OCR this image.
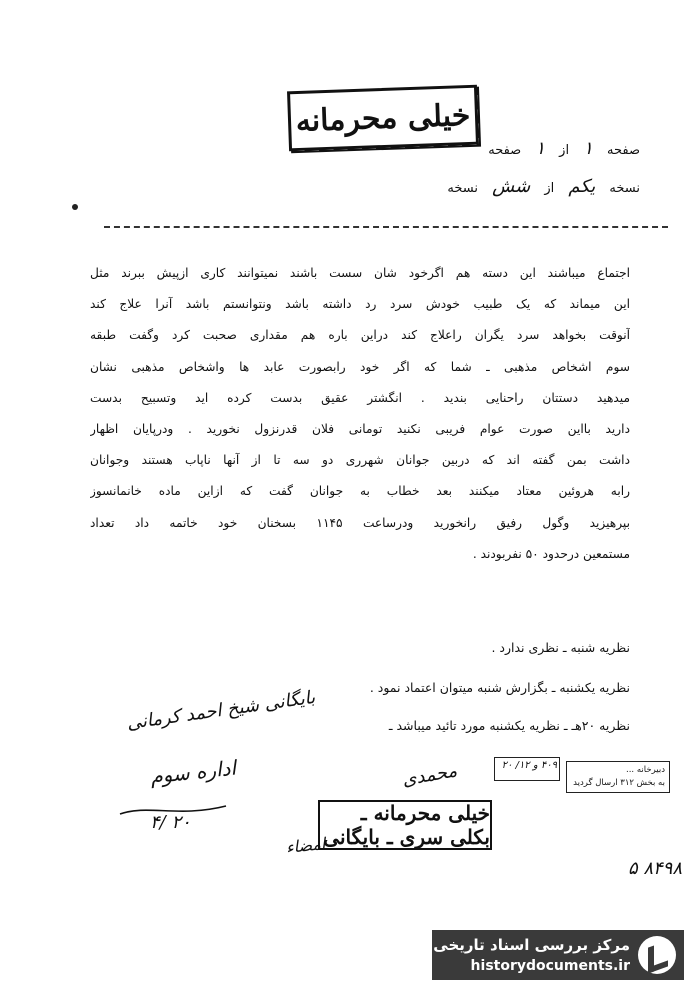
خیلی محرمانه
صفحه ۱ از ۱ صفحه
نسخه یکم از شش نسخه
اجتماع میباشند این دسته هم اگرخود شان سست باشند نمیتوانند کاری ازپیش ببرند مثل
این میماند که یک طبیب خودش سرد رد داشته باشد ونتوانستم باشد آنرا علاج کند
آنوقت بخواهد سرد یگران راعلاج کند دراین باره هم مقداری صحبت کرد وگفت طبقه
سوم اشخاص مذهبی ـ شما که اگر خود رابصورت عابد ها واشخاص مذهبی نشان
میدهید دستتان راحنایی بندید . انگشتر عقیق بدست کرده اید وتسبیح بدست
دارید بااین صورت عوام فریبی نکنید تومانی فلان قدرنزول نخورید . ودرپایان اظهار
داشت بمن گفته اند که دربین جوانان شهرری دو سه تا از آنها ناپاب هستند وجوانان
رابه هروئین معتاد میکنند بعد خطاب به جوانان گفت که ازاین ماده خانمانسوز
بپرهیزید وگول رفیق رانخورید ودرساعت ۱۱۴۵ بسخنان خود خاتمه داد تعداد
مستمعین درحدود ۵۰ نفربودند .
نظریه شنبه ـ نظری ندارد .
نظریه یکشنبه ـ بگزارش شنبه میتوان اعتماد نمود .
نظریه ۲۰هـ ـ نظریه یکشنبه مورد تائید میباشد ـ
بایگانی شیخ احمد کرمانی
اداره سوم
۴/ ۲۰
محمدی
امضاء
۴۰۹ و ۱۲/ ۲۰	دبیرخانه ...
به بخش ۳۱۲ ارسال گردید
خیلی محرمانه ـ بکلی سری ـ بایگانی
۵ ۸۴۹۸
مرکز بررسی اسناد تاریخی
historydocuments.ir
